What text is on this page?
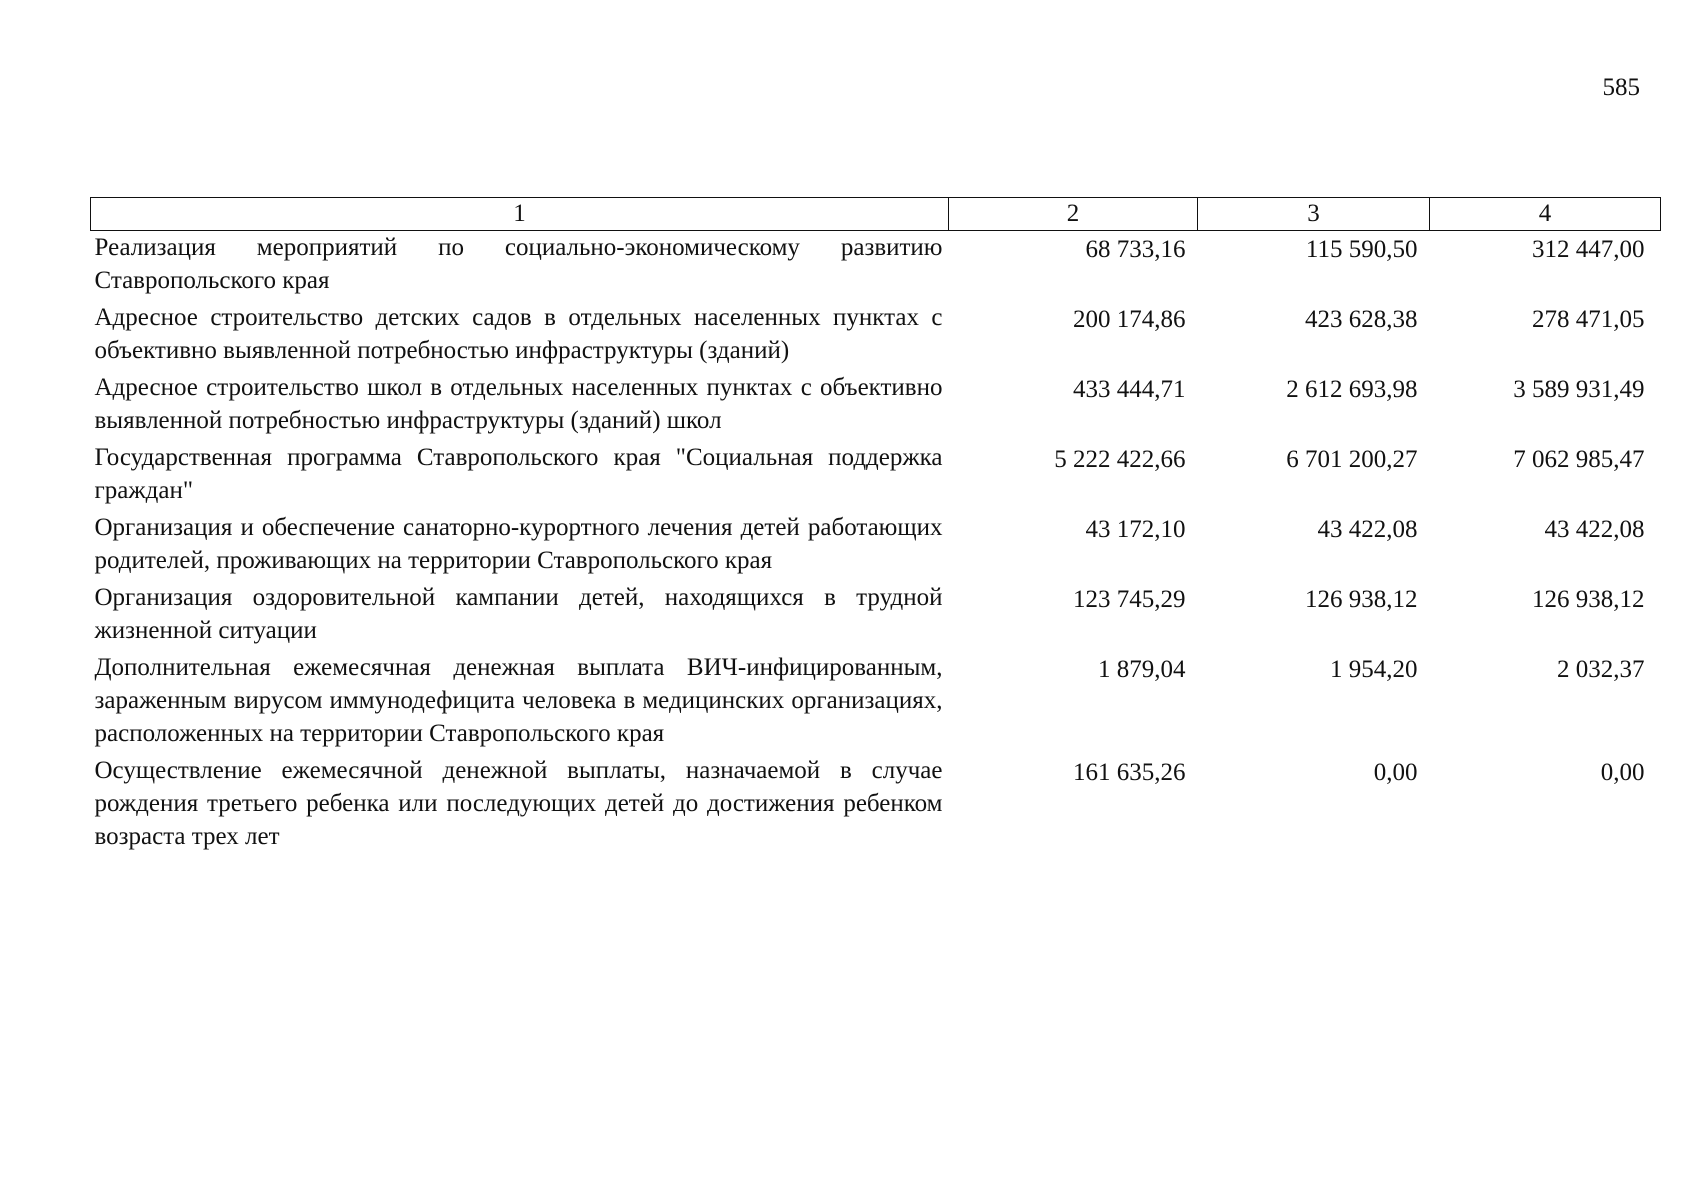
585
1	2	3	4
Реализация мероприятий по социально-экономическому развитию Ставропольского края	68 733,16	115 590,50	312 447,00
Адресное строительство детских садов в отдельных населенных пунктах с объективно выявленной потребностью инфраструктуры (зданий)	200 174,86	423 628,38	278 471,05
Адресное строительство школ в отдельных населенных пунктах с объективно выявленной потребностью инфраструктуры (зданий) школ	433 444,71	2 612 693,98	3 589 931,49
Государственная программа Ставропольского края "Социальная поддержка граждан"	5 222 422,66	6 701 200,27	7 062 985,47
Организация и обеспечение санаторно-курортного лечения детей работающих родителей, проживающих на территории Ставропольского края	43 172,10	43 422,08	43 422,08
Организация оздоровительной кампании детей, находящихся в трудной жизненной ситуации	123 745,29	126 938,12	126 938,12
Дополнительная ежемесячная денежная выплата ВИЧ-инфицированным, зараженным вирусом иммунодефицита человека в медицинских организациях, расположенных на территории Ставропольского края	1 879,04	1 954,20	2 032,37
Осуществление ежемесячной денежной выплаты, назначаемой в случае рождения третьего ребенка или последующих детей до достижения ребенком возраста трех лет	161 635,26	0,00	0,00
